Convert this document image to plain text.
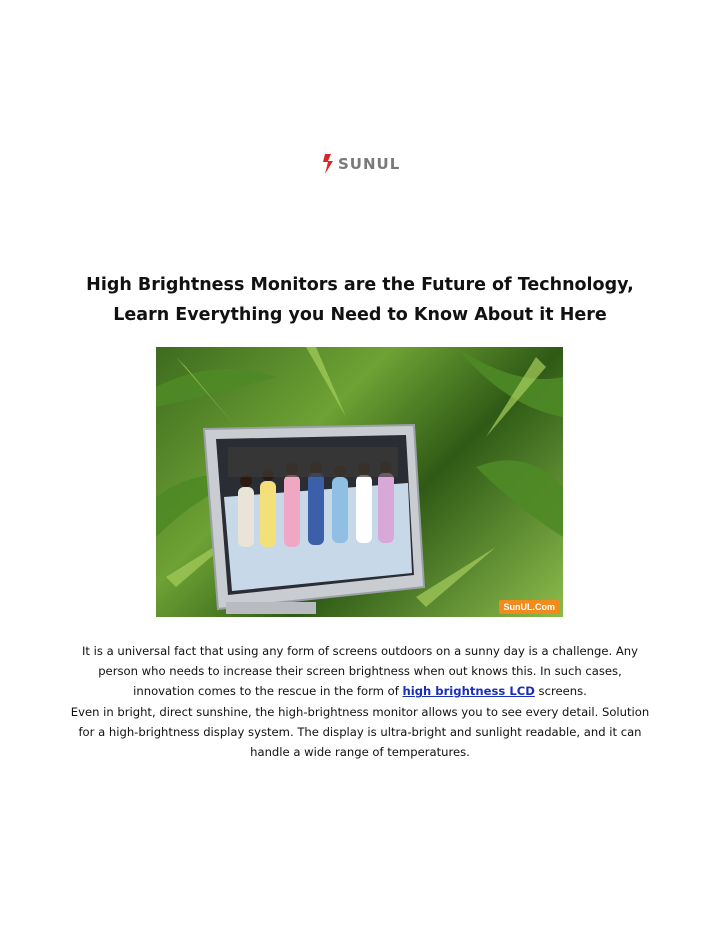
SUNUL
High Brightness Monitors are the Future of Technology, Learn Everything you Need to Know About it Here
SunUL.Com

It is a universal fact that using any form of screens outdoors on a sunny day is a challenge. Any person who needs to increase their screen brightness when out knows this. In such cases, innovation comes to the rescue in the form of high brightness LCD screens.

Even in bright, direct sunshine, the high-brightness monitor allows you to see every detail. Solution for a high-brightness display system. The display is ultra-bright and sunlight readable, and it can handle a wide range of temperatures.
